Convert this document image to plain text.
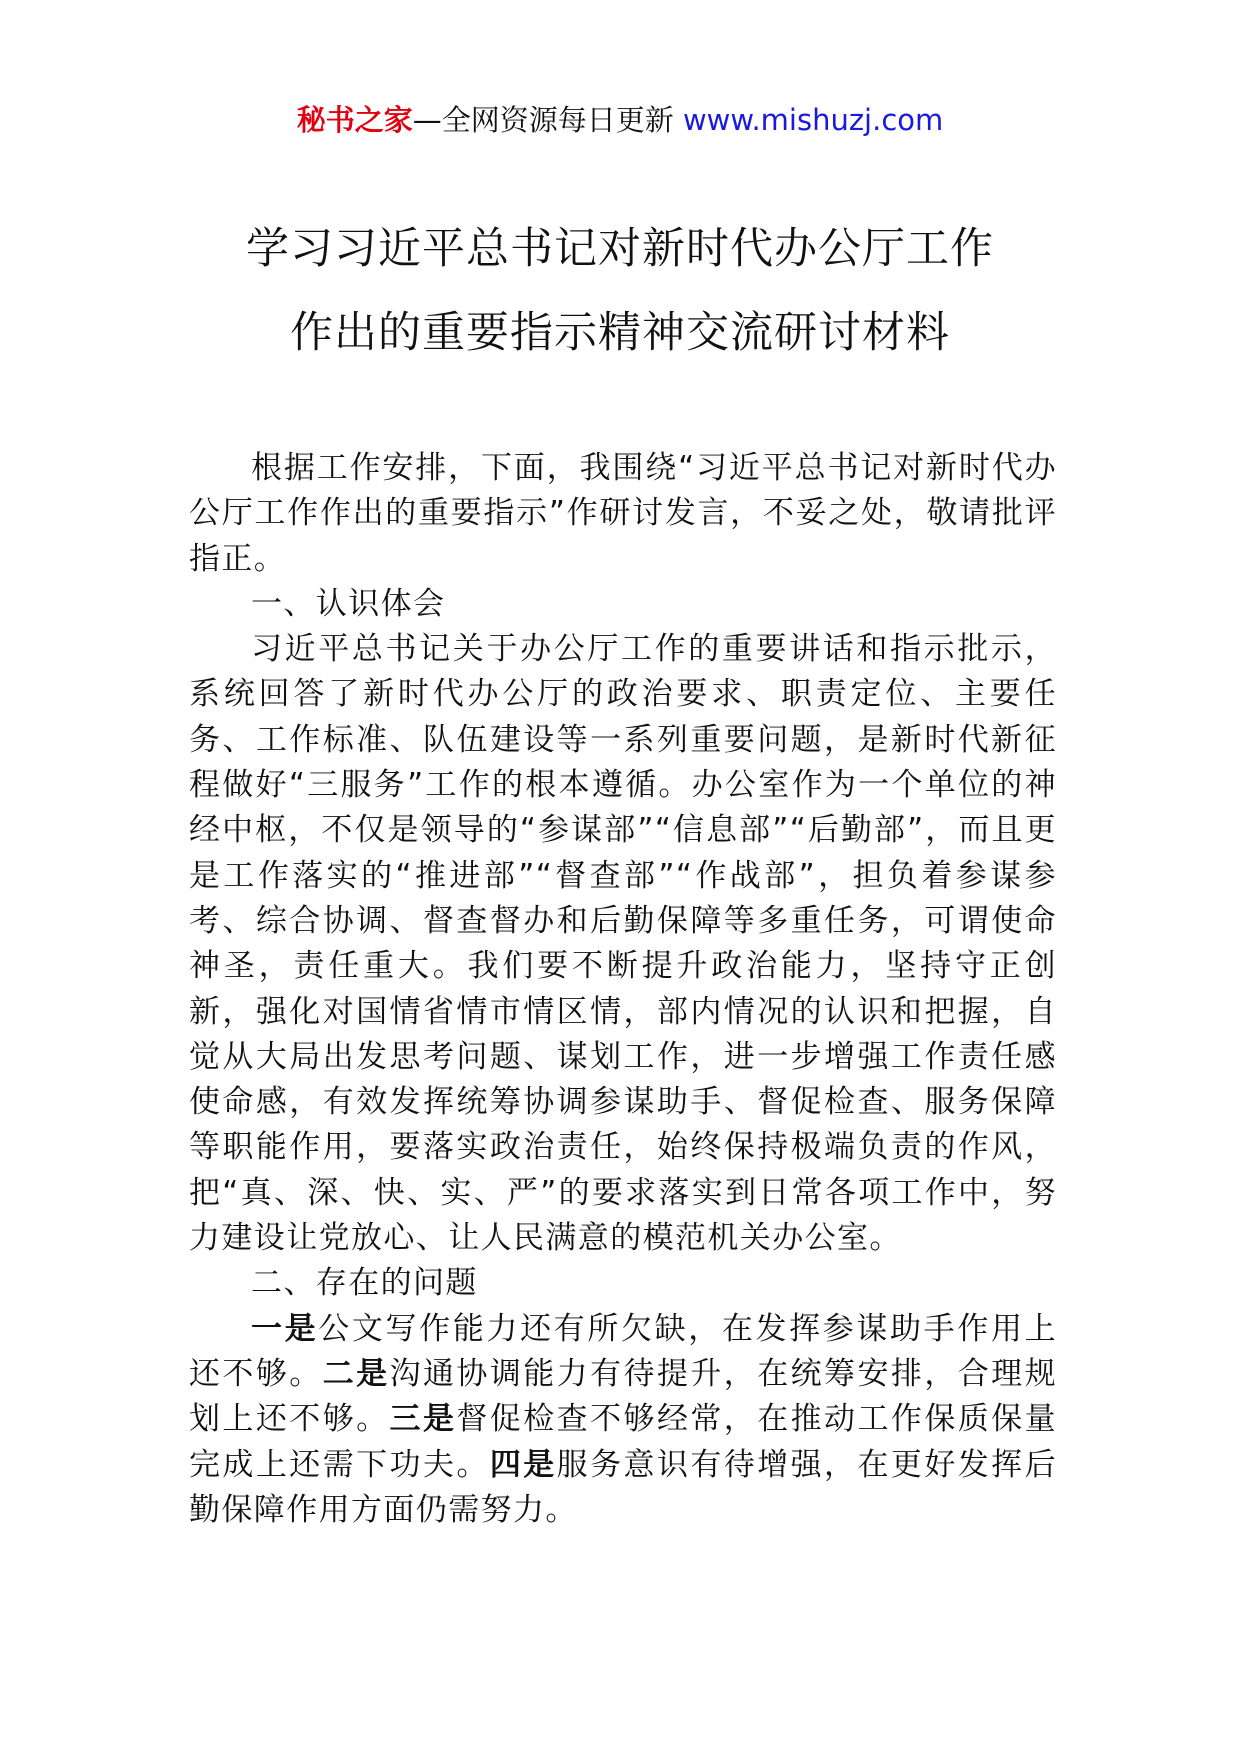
秘书之家—全网资源每日更新 www.mishuzj.com
学习习近平总书记对新时代办公厅工作
作出的重要指示精神交流研讨材料

根据工作安排，下面，我围绕“习近平总书记对新时代办公厅工作作出的重要指示”作研讨发言，不妥之处，敬请批评指正。

一、认识体会

习近平总书记关于办公厅工作的重要讲话和指示批示，系统回答了新时代办公厅的政治要求、职责定位、主要任务、工作标准、队伍建设等一系列重要问题，是新时代新征程做好“三服务”工作的根本遵循。办公室作为一个单位的神经中枢，不仅是领导的“参谋部”“信息部”“后勤部”，而且更是工作落实的“推进部”“督查部”“作战部”，担负着参谋参考、综合协调、督查督办和后勤保障等多重任务，可谓使命神圣，责任重大。我们要不断提升政治能力，坚持守正创新，强化对国情省情市情区情，部内情况的认识和把握，自觉从大局出发思考问题、谋划工作，进一步增强工作责任感使命感，有效发挥统筹协调参谋助手、督促检查、服务保障等职能作用，要落实政治责任，始终保持极端负责的作风，把“真、深、快、实、严”的要求落实到日常各项工作中，努力建设让党放心、让人民满意的模范机关办公室。

二、存在的问题

一是公文写作能力还有所欠缺，在发挥参谋助手作用上还不够。二是沟通协调能力有待提升，在统筹安排，合理规划上还不够。三是督促检查不够经常，在推动工作保质保量完成上还需下功夫。四是服务意识有待增强，在更好发挥后勤保障作用方面仍需努力。
